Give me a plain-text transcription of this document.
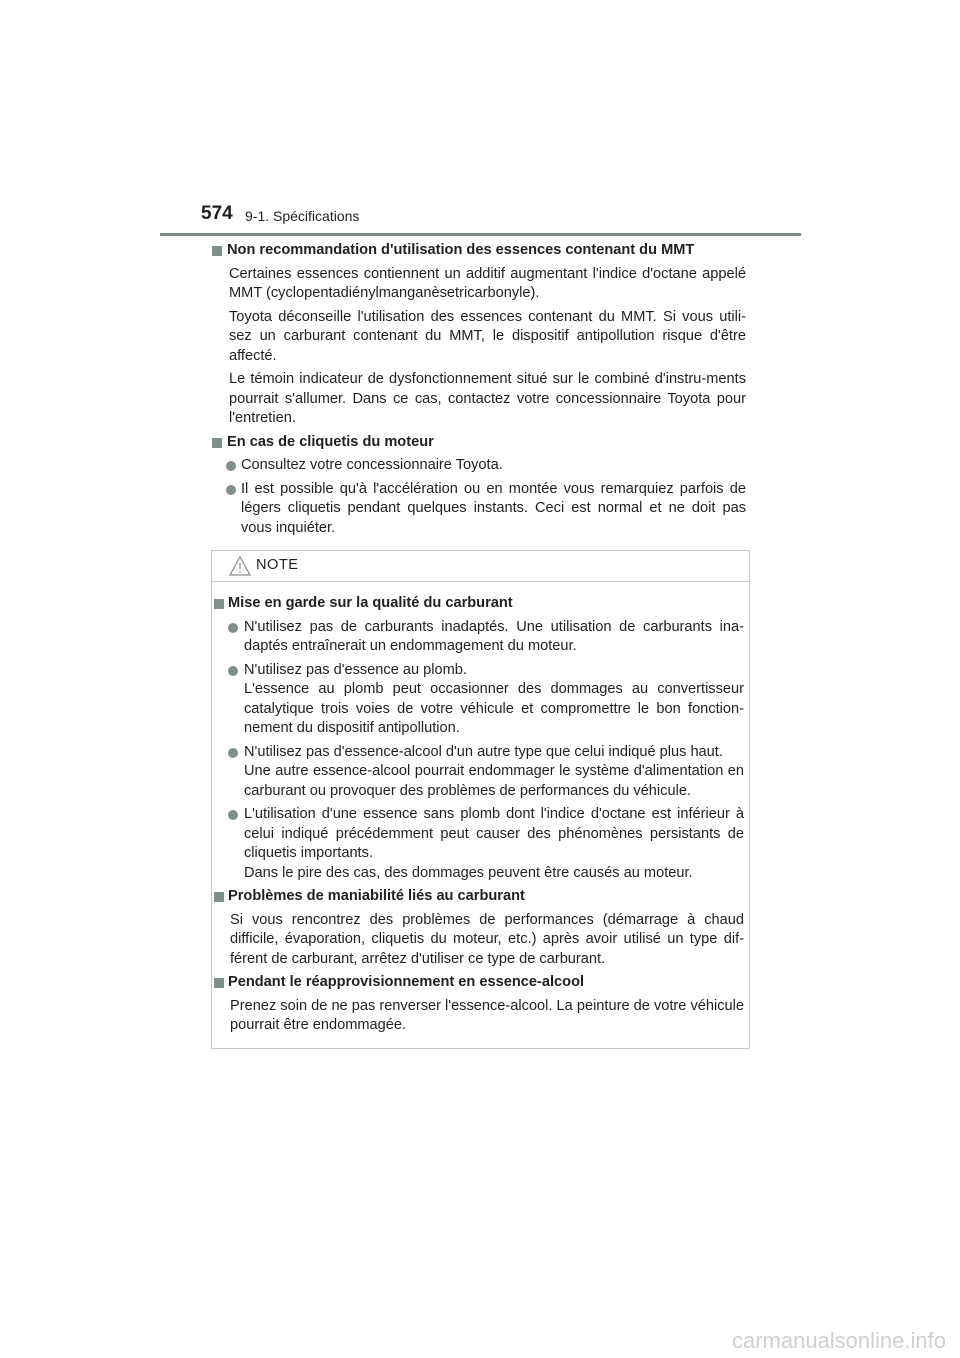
574 9-1. Spécifications
Non recommandation d'utilisation des essences contenant du MMT
Certaines essences contiennent un additif augmentant l'indice d'octane appelé MMT (cyclopentadiénylmanganèsetricarbonyle).
Toyota déconseille l'utilisation des essences contenant du MMT. Si vous utili-sez un carburant contenant du MMT, le dispositif antipollution risque d'être affecté.
Le témoin indicateur de dysfonctionnement situé sur le combiné d'instru-ments pourrait s'allumer. Dans ce cas, contactez votre concessionnaire Toyota pour l'entretien.
En cas de cliquetis du moteur
Consultez votre concessionnaire Toyota.
Il est possible qu'à l'accélération ou en montée vous remarquiez parfois de légers cliquetis pendant quelques instants. Ceci est normal et ne doit pas vous inquiéter.
NOTE
Mise en garde sur la qualité du carburant
N'utilisez pas de carburants inadaptés. Une utilisation de carburants ina-daptés entraînerait un endommagement du moteur.
N'utilisez pas d'essence au plomb.
L'essence au plomb peut occasionner des dommages au convertisseur catalytique trois voies de votre véhicule et compromettre le bon fonction-nement du dispositif antipollution.
N'utilisez pas d'essence-alcool d'un autre type que celui indiqué plus haut.
Une autre essence-alcool pourrait endommager le système d'alimentation en carburant ou provoquer des problèmes de performances du véhicule.
L'utilisation d'une essence sans plomb dont l'indice d'octane est inférieur à celui indiqué précédemment peut causer des phénomènes persistants de cliquetis importants.
Dans le pire des cas, des dommages peuvent être causés au moteur.
Problèmes de maniabilité liés au carburant
Si vous rencontrez des problèmes de performances (démarrage à chaud difficile, évaporation, cliquetis du moteur, etc.) après avoir utilisé un type dif-férent de carburant, arrêtez d'utiliser ce type de carburant.
Pendant le réapprovisionnement en essence-alcool
Prenez soin de ne pas renverser l'essence-alcool. La peinture de votre véhicule pourrait être endommagée.
carmanualsonline.info
